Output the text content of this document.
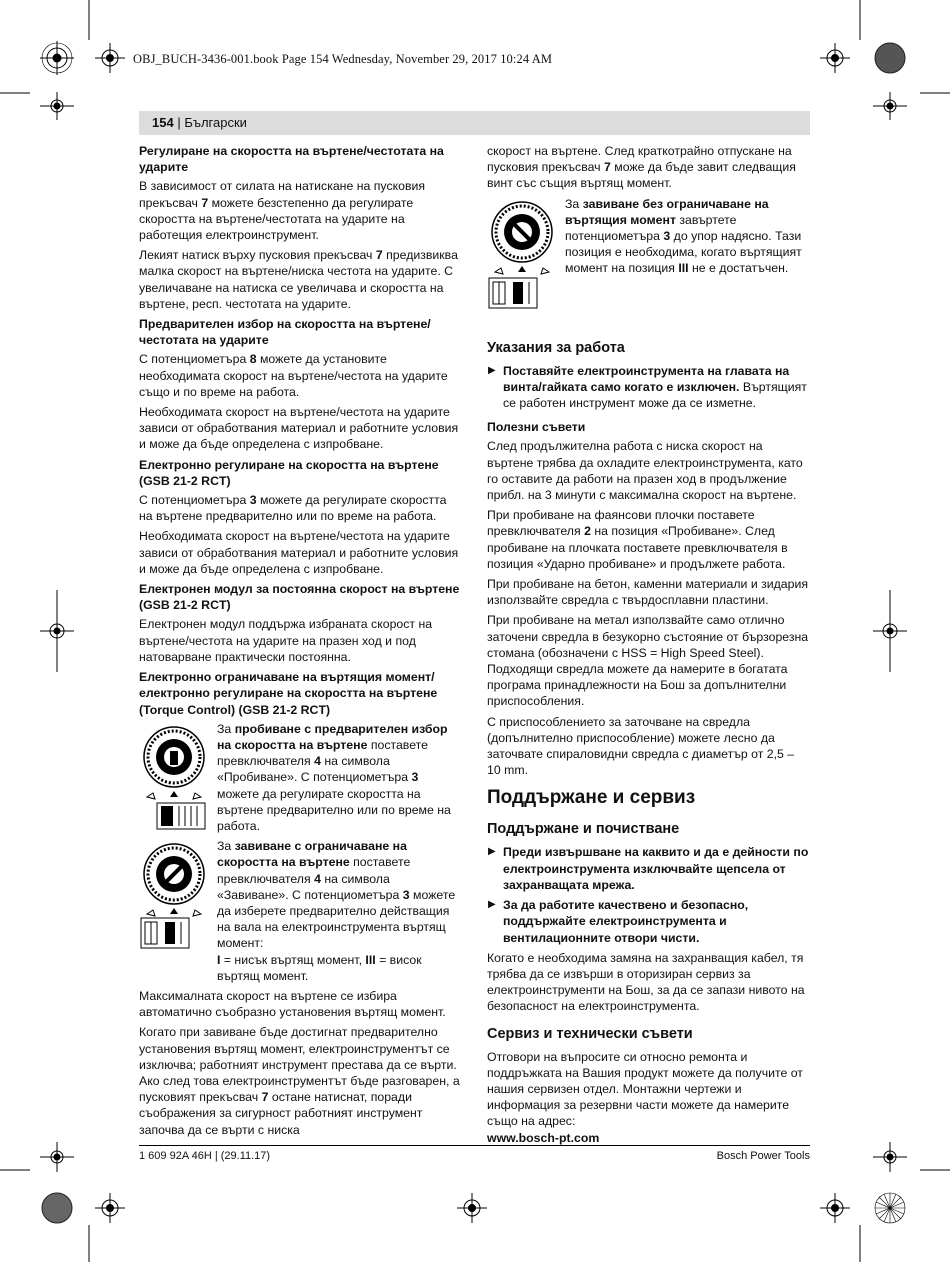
OBJ_BUCH-3436-001.book Page 154 Wednesday, November 29, 2017 10:24 AM
154 | Български
Регулиране на скоростта на въртене/честотата на ударите

В зависимост от силата на натискане на пусковия прекъсвач 7 можете безстепенно да регулирате скоростта на въртене/честотата на ударите на работещия електроинструмент.

Лекият натиск върху пусковия прекъсвач 7 предизвиква малка скорост на въртене/ниска честота на ударите. С увеличаване на натиска се увеличава и скоростта на въртене, респ. честотата на ударите.

Предварителен избор на скоростта на въртене/честотата на ударите

С потенциометъра 8 можете да установите необходимата скорост на въртене/честота на ударите също и по време на работа.

Необходимата скорост на въртене/честота на ударите зависи от обработвания материал и работните условия и може да бъде определена с изпробване.

Електронно регулиране на скоростта на въртене (GSB 21-2 RCT)

С потенциометъра 3 можете да регулирате скоростта на въртене предварително или по време на работа.

Необходимата скорост на въртене/честота на ударите зависи от обработвания материал и работните условия и може да бъде определена с изпробване.

Електронен модул за постоянна скорост на въртене (GSB 21-2 RCT)

Електронен модул поддържа избраната скорост на въртене/честота на ударите на празен ход и под натоварване практически постоянна.

Електронно ограничаване на въртящия момент/електронно регулиране на скоростта на въртене (Torque Control) (GSB 21-2 RCT)
За пробиване с предварителен избор на скоростта на въртене поставете превключвателя 4 на символа «Пробиване». С потенциометъра 3 можете да регулирате скоростта на въртене предварително или по време на работа.
За завиване с ограничаване на скоростта на въртене поставете превключвателя 4 на символа «Завиване». С потенциометъра 3 можете да изберете предварително действащия на вала на електроинструмента въртящ момент:
I = нисък въртящ момент, III = висок въртящ момент.

Максималната скорост на въртене се избира автоматично съобразно установения въртящ момент.

Когато при завиване бъде достигнат предварително установения въртящ момент, електроинструментът се изключва; работният инструмент престава да се върти. Ако след това електроинструментът бъде разговарен, а пусковият прекъсвач 7 остане натиснат, поради съображения за сигурност работният инструмент започва да се върти с ниска

скорост на въртене. След краткотрайно отпускане на пусковия прекъсвач 7 може да бъде завит следващия винт със същия въртящ момент.

За завиване без ограничаване на въртящия момент завъртете потенциометъра 3 до упор надясно. Тази позиция е необходима, когато въртящият момент на позиция III не е достатъчен.
Указания за работа
▶ Поставяйте електроинструмента на главата на винта/гайката само когато е изключен. Въртящият се работен инструмент може да се изметне.
Полезни съвети

След продължителна работа с ниска скорост на въртене трябва да охладите електроинструмента, като го оставите да работи на празен ход в продължение прибл. на 3 минути с максимална скорост на въртене.

При пробиване на фаянсови плочки поставете превключвателя 2 на позиция «Пробиване». След пробиване на плочката поставете превключвателя в позиция «Ударно пробиване» и продължете работа.

При пробиване на бетон, каменни материали и зидария използвайте свредла с твърдосплавни пластини.

При пробиване на метал използвайте само отлично заточени свредла в безукорно състояние от бързорезна стомана (обозначени с HSS = High Speed Steel). Подходящи свредла можете да намерите в богатата програма принадлежности на Бош за допълнителни приспособления.

С приспособлението за заточване на свредла (допълнително приспособление) можете лесно да заточвате спираловидни свредла с диаметър от 2,5 – 10 mm.

Поддържане и сервиз
Поддържане и почистване
▶ Преди извършване на каквито и да е дейности по електроинструмента изключвайте щепсела от захранващата мрежа.
▶ За да работите качествено и безопасно, поддържайте електроинструмента и вентилационните отвори чисти.

Когато е необходима замяна на захранващия кабел, тя трябва да се извърши в оторизиран сервиз за електроинструменти на Бош, за да се запази нивото на безопасност на електроинструмента.

Сервиз и технически съвети

Отговори на въпросите си относно ремонта и поддръжката на Вашия продукт можете да получите от нашия сервизен отдел. Монтажни чертежи и информация за резервни части можете да намерите също на адрес:

www.bosch-pt.com
1 609 92A 46H | (29.11.17)	Bosch Power Tools
